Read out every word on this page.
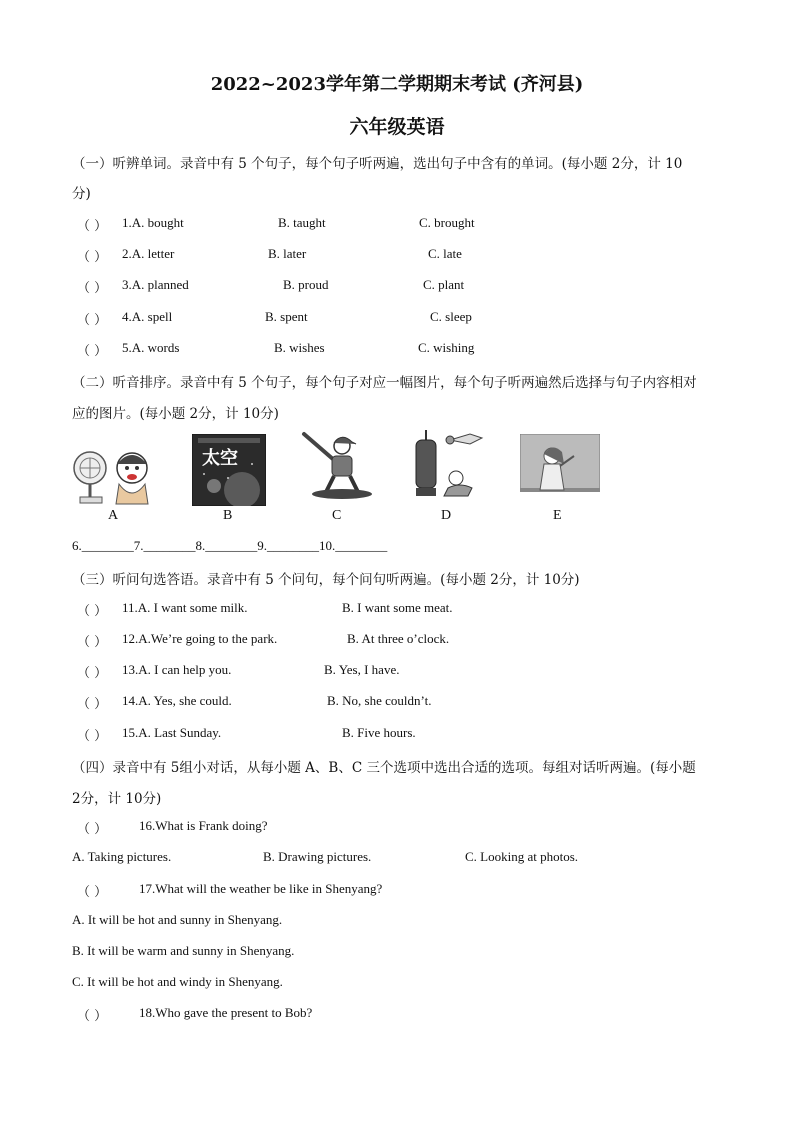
2022~2023学年第二学期期末考试 (齐河县)
六年级英语
（一）听辨单词。录音中有 5 个句子，每个句子听两遍，选出句子中含有的单词。(每小题 2分，计 10
分)
（ ） 1.A. bought	B. taught	C. brought
（ ） 2.A. letter	B. later	C. late
（ ） 3.A. planned	B. proud	C. plant
（ ） 4.A. spell	B. spent	C. sleep
（ ） 5.A. words	B. wishes	C. wishing
（二）听音排序。录音中有 5 个句子，每个句子对应一幅图片，每个句子听两遍然后选择与句子内容相对
应的图片。(每小题 2分，计 10分)
A
太空
B	C	D	E
6.________7.________8.________9.________10.________
（三）听问句选答语。录音中有 5 个问句，每个问句听两遍。(每小题 2分，计 10分)
（ ） 11.A. I want some milk.	B. I want some meat.
（ ） 12.A.We’re going to the park.	B. At three o’clock.
（ ） 13.A. I can help you.	B. Yes, I have.
（ ） 14.A. Yes, she could.	B. No, she couldn’t.
（ ） 15.A. Last Sunday.	B. Five hours.
（四）录音中有 5组小对话，从每小题 A、B、C 三个选项中选出合适的选项。每组对话听两遍。(每小题
2分，计 10分)
（ ） 16.What is Frank doing?
A. Taking pictures.	B. Drawing pictures.	C. Looking at photos.
（ ） 17.What will the weather be like in Shenyang?
A. It will be hot and sunny in Shenyang.
B. It will be warm and sunny in Shenyang.
C. It will be hot and windy in Shenyang.
（ ） 18.Who gave the present to Bob?
